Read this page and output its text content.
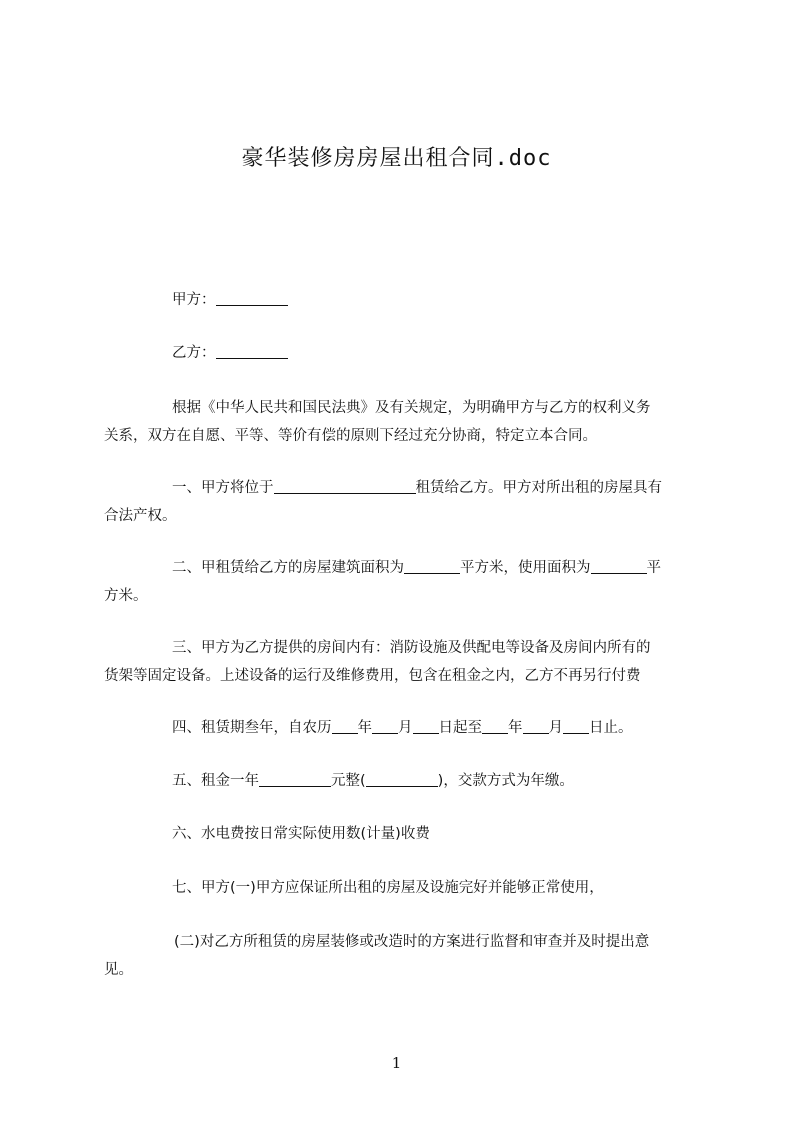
豪华装修房房屋出租合同.doc
甲方：
乙方：
根据《中华人民共和国民法典》及有关规定，为明确甲方与乙方的权利义务
关系，双方在自愿、平等、等价有偿的原则下经过充分协商，特定立本合同。
一、甲方将位于	租赁给乙方。甲方对所出租的房屋具有
合法产权。
二、甲租赁给乙方的房屋建筑面积为	平方米，使用面积为	平
方米。
三、甲方为乙方提供的房间内有：消防设施及供配电等设备及房间内所有的
货架等固定设备。上述设备的运行及维修费用，包含在租金之内，乙方不再另行付费
四、租赁期叁年，自农历 年 月 日起至 年 月 日止。
五、租金一年	元整(	)，交款方式为年缴。
六、水电费按日常实际使用数(计量)收费
七、甲方(一)甲方应保证所出租的房屋及设施完好并能够正常使用，
(二)对乙方所租赁的房屋装修或改造时的方案进行监督和审查并及时提出意
见。
1
